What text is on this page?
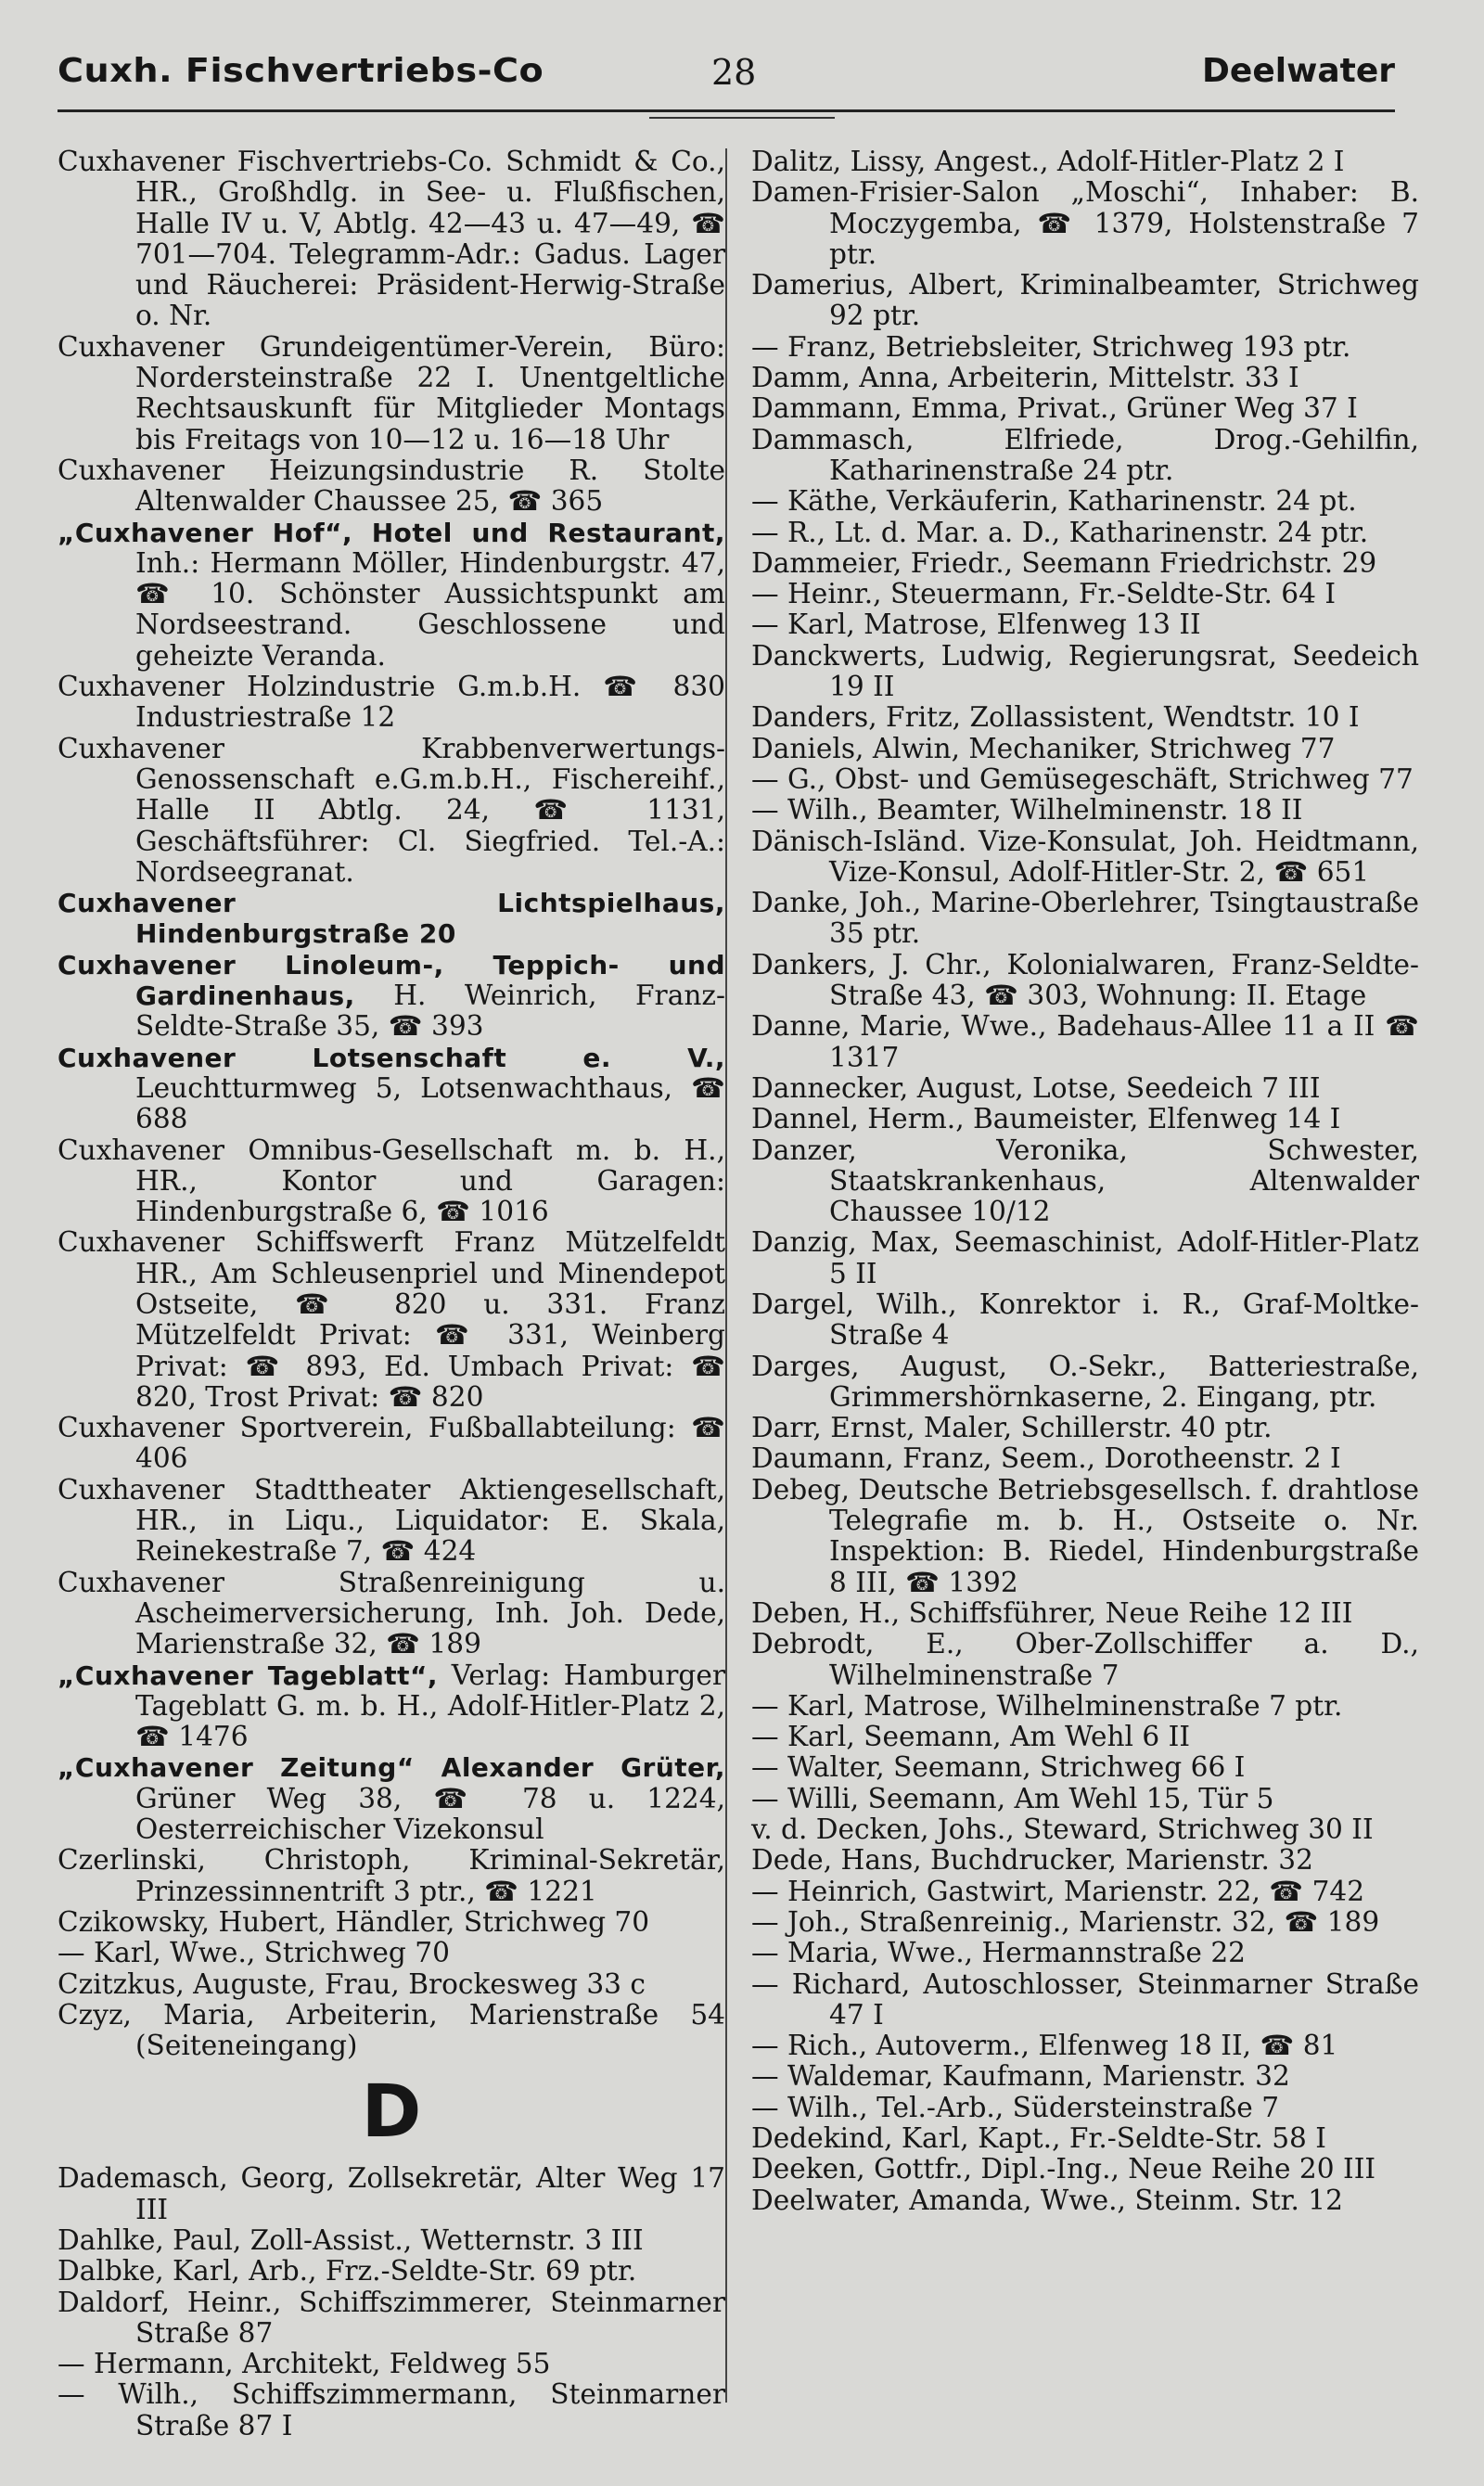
Cuxh. Fischvertriebs-Co	28	Deelwater

Cuxhavener Fischvertriebs-Co. Schmidt & Co., HR., Großhdlg. in See- u. Flußfischen, Halle IV u. V, Abtlg. 42—43 u. 47—49, ☎ 701—704. Telegramm-Adr.: Gadus. Lager und Räucherei: Präsident-Herwig-Straße o. Nr.

Cuxhavener Grundeigentümer-Verein, Büro: Nordersteinstraße 22 I. Unentgeltliche Rechtsauskunft für Mitglieder Montags bis Freitags von 10—12 u. 16—18 Uhr

Cuxhavener Heizungsindustrie R. Stolte Altenwalder Chaussee 25, ☎ 365

„Cuxhavener Hof“, Hotel und Restaurant, Inh.: Hermann Möller, Hindenburgstr. 47, ☎ 10. Schönster Aussichtspunkt am Nordseestrand. Geschlossene und geheizte Veranda.

Cuxhavener Holzindustrie G.m.b.H. ☎ 830 Industriestraße 12

Cuxhavener Krabbenverwertungs-Genossenschaft e.G.m.b.H., Fischereihf., Halle II Abtlg. 24, ☎ 1131, Geschäftsführer: Cl. Siegfried. Tel.-A.: Nordseegranat.

Cuxhavener Lichtspielhaus, Hindenburgstraße 20

Cuxhavener Linoleum-, Teppich- und Gardinenhaus, H. Weinrich, Franz-Seldte-Straße 35, ☎ 393

Cuxhavener Lotsenschaft e. V., Leuchtturmweg 5, Lotsenwachthaus, ☎ 688

Cuxhavener Omnibus-Gesellschaft m. b. H., HR., Kontor und Garagen: Hindenburgstraße 6, ☎ 1016

Cuxhavener Schiffswerft Franz Mützelfeldt HR., Am Schleusenpriel und Minendepot Ostseite, ☎ 820 u. 331. Franz Mützelfeldt Privat: ☎ 331, Weinberg Privat: ☎ 893, Ed. Umbach Privat: ☎ 820, Trost Privat: ☎ 820

Cuxhavener Sportverein, Fußballabteilung: ☎ 406

Cuxhavener Stadttheater Aktiengesellschaft, HR., in Liqu., Liquidator: E. Skala, Reinekestraße 7, ☎ 424

Cuxhavener Straßenreinigung u. Ascheimerversicherung, Inh. Joh. Dede, Marienstraße 32, ☎ 189

„Cuxhavener Tageblatt“, Verlag: Hamburger Tageblatt G. m. b. H., Adolf-Hitler-Platz 2, ☎ 1476

„Cuxhavener Zeitung“ Alexander Grüter, Grüner Weg 38, ☎ 78 u. 1224, Oesterreichischer Vizekonsul

Czerlinski, Christoph, Kriminal-Sekretär, Prinzessinnentrift 3 ptr., ☎ 1221

Czikowsky, Hubert, Händler, Strichweg 70

— Karl, Wwe., Strichweg 70

Czitzkus, Auguste, Frau, Brockesweg 33 c

Czyz, Maria, Arbeiterin, Marienstraße 54 (Seiteneingang)

D

Dademasch, Georg, Zollsekretär, Alter Weg 17 III

Dahlke, Paul, Zoll-Assist., Wetternstr. 3 III

Dalbke, Karl, Arb., Frz.-Seldte-Str. 69 ptr.

Daldorf, Heinr., Schiffszimmerer, Steinmarner Straße 87

— Hermann, Architekt, Feldweg 55

— Wilh., Schiffszimmermann, Steinmarner Straße 87 I

Dalitz, Lissy, Angest., Adolf-Hitler-Platz 2 I

Damen-Frisier-Salon „Moschi“, Inhaber: B. Moczygemba, ☎ 1379, Holstenstraße 7 ptr.

Damerius, Albert, Kriminalbeamter, Strichweg 92 ptr.

— Franz, Betriebsleiter, Strichweg 193 ptr.

Damm, Anna, Arbeiterin, Mittelstr. 33 I

Dammann, Emma, Privat., Grüner Weg 37 I

Dammasch, Elfriede, Drog.-Gehilfin, Katharinenstraße 24 ptr.

— Käthe, Verkäuferin, Katharinenstr. 24 pt.

— R., Lt. d. Mar. a. D., Katharinenstr. 24 ptr.

Dammeier, Friedr., Seemann Friedrichstr. 29

— Heinr., Steuermann, Fr.-Seldte-Str. 64 I

— Karl, Matrose, Elfenweg 13 II

Danckwerts, Ludwig, Regierungsrat, Seedeich 19 II

Danders, Fritz, Zollassistent, Wendtstr. 10 I

Daniels, Alwin, Mechaniker, Strichweg 77

— G., Obst- und Gemüsegeschäft, Strichweg 77

— Wilh., Beamter, Wilhelminenstr. 18 II

Dänisch-Isländ. Vize-Konsulat, Joh. Heidtmann, Vize-Konsul, Adolf-Hitler-Str. 2, ☎ 651

Danke, Joh., Marine-Oberlehrer, Tsingtaustraße 35 ptr.

Dankers, J. Chr., Kolonialwaren, Franz-Seldte-Straße 43, ☎ 303, Wohnung: II. Etage

Danne, Marie, Wwe., Badehaus-Allee 11 a II ☎ 1317

Dannecker, August, Lotse, Seedeich 7 III

Dannel, Herm., Baumeister, Elfenweg 14 I

Danzer, Veronika, Schwester, Staatskrankenhaus, Altenwalder Chaussee 10/12

Danzig, Max, Seemaschinist, Adolf-Hitler-Platz 5 II

Dargel, Wilh., Konrektor i. R., Graf-Moltke-Straße 4

Darges, August, O.-Sekr., Batteriestraße, Grimmershörnkaserne, 2. Eingang, ptr.

Darr, Ernst, Maler, Schillerstr. 40 ptr.

Daumann, Franz, Seem., Dorotheenstr. 2 I

Debeg, Deutsche Betriebsgesellsch. f. drahtlose Telegrafie m. b. H., Ostseite o. Nr. Inspektion: B. Riedel, Hindenburgstraße 8 III, ☎ 1392

Deben, H., Schiffsführer, Neue Reihe 12 III

Debrodt, E., Ober-Zollschiffer a. D., Wilhelminenstraße 7

— Karl, Matrose, Wilhelminenstraße 7 ptr.

— Karl, Seemann, Am Wehl 6 II

— Walter, Seemann, Strichweg 66 I

— Willi, Seemann, Am Wehl 15, Tür 5

v. d. Decken, Johs., Steward, Strichweg 30 II

Dede, Hans, Buchdrucker, Marienstr. 32

— Heinrich, Gastwirt, Marienstr. 22, ☎ 742

— Joh., Straßenreinig., Marienstr. 32, ☎ 189

— Maria, Wwe., Hermannstraße 22

— Richard, Autoschlosser, Steinmarner Straße 47 I

— Rich., Autoverm., Elfenweg 18 II, ☎ 81

— Waldemar, Kaufmann, Marienstr. 32

— Wilh., Tel.-Arb., Südersteinstraße 7

Dedekind, Karl, Kapt., Fr.-Seldte-Str. 58 I

Deeken, Gottfr., Dipl.-Ing., Neue Reihe 20 III

Deelwater, Amanda, Wwe., Steinm. Str. 12
